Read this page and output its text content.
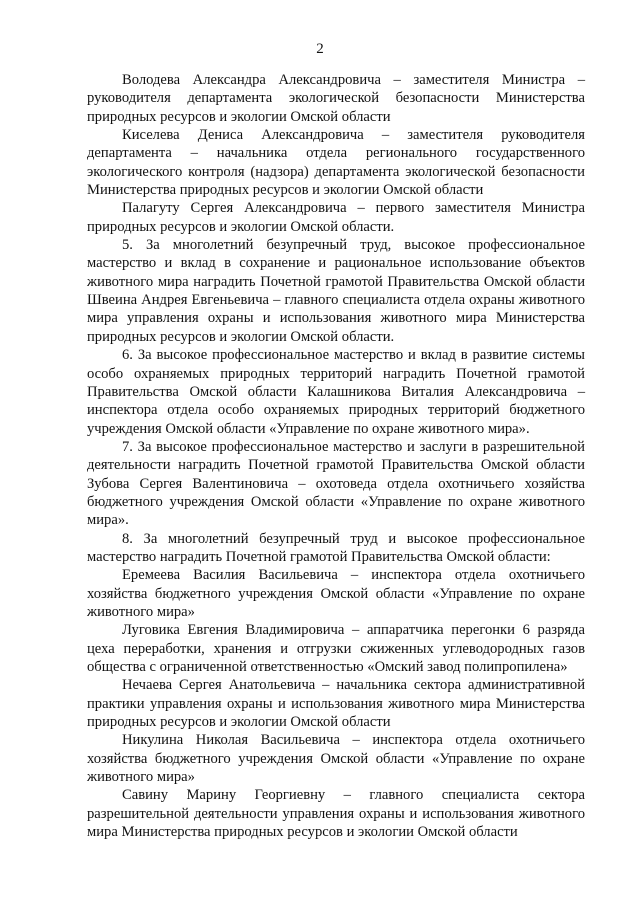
2

Володева Александра Александровича – заместителя Министра – руководителя департамента экологической безопасности Министерства природных ресурсов и экологии Омской области

Киселева Дениса Александровича – заместителя руководителя департамента – начальника отдела регионального государственного экологического контроля (надзора) департамента экологической безопасности Министерства природных ресурсов и экологии Омской области

Палагуту Сергея Александровича – первого заместителя Министра природных ресурсов и экологии Омской области.

5. За многолетний безупречный труд, высокое профессиональное мастерство и вклад в сохранение и рациональное использование объектов животного мира наградить Почетной грамотой Правительства Омской области Швеина Андрея Евгеньевича – главного специалиста отдела охраны животного мира управления охраны и использования животного мира Министерства природных ресурсов и экологии Омской области.

6. За высокое профессиональное мастерство и вклад в развитие системы особо охраняемых природных территорий наградить Почетной грамотой Правительства Омской области Калашникова Виталия Александровича – инспектора отдела особо охраняемых природных территорий бюджетного учреждения Омской области «Управление по охране животного мира».

7. За высокое профессиональное мастерство и заслуги в разрешительной деятельности наградить Почетной грамотой Правительства Омской области Зубова Сергея Валентиновича – охотоведа отдела охотничьего хозяйства бюджетного учреждения Омской области «Управление по охране животного мира».

8. За многолетний безупречный труд и высокое профессиональное мастерство наградить Почетной грамотой Правительства Омской области:

Еремеева Василия Васильевича – инспектора отдела охотничьего хозяйства бюджетного учреждения Омской области «Управление по охране животного мира»

Луговика Евгения Владимировича – аппаратчика перегонки 6 разряда цеха переработки, хранения и отгрузки сжиженных углеводородных газов общества с ограниченной ответственностью «Омский завод полипропилена»

Нечаева Сергея Анатольевича – начальника сектора административной практики управления охраны и использования животного мира Министерства природных ресурсов и экологии Омской области

Никулина Николая Васильевича – инспектора отдела охотничьего хозяйства бюджетного учреждения Омской области «Управление по охране животного мира»

Савину Марину Георгиевну – главного специалиста сектора разрешительной деятельности управления охраны и использования животного мира Министерства природных ресурсов и экологии Омской области
